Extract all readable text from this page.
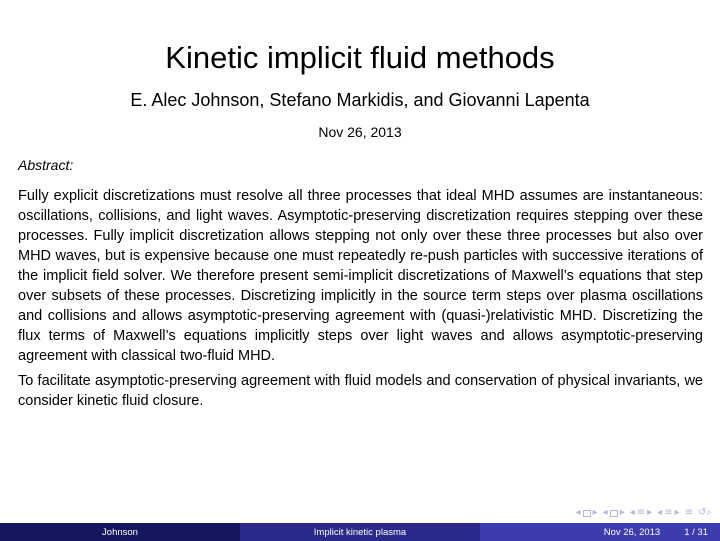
Kinetic implicit fluid methods
E. Alec Johnson, Stefano Markidis, and Giovanni Lapenta
Nov 26, 2013
Abstract:

Fully explicit discretizations must resolve all three processes that ideal MHD assumes are instantaneous: oscillations, collisions, and light waves. Asymptotic-preserving discretization requires stepping over these processes. Fully implicit discretization allows stepping not only over these three processes but also over MHD waves, but is expensive because one must repeatedly re-push particles with successive iterations of the implicit field solver. We therefore present semi-implicit discretizations of Maxwell’s equations that step over subsets of these processes. Discretizing implicitly in the source term steps over plasma oscillations and collisions and allows asymptotic-preserving agreement with (quasi-)relativistic MHD. Discretizing the flux terms of Maxwell’s equations implicitly steps over light waves and allows asymptotic-preserving agreement with classical two-fluid MHD.

To facilitate asymptotic-preserving agreement with fluid models and conservation of physical invariants, we consider kinetic fluid closure.

◂ ▸ ◂ ▸ ◂ ≡ ▸ ◂ ≡ ▸ ≡ ↺⌕
Johnson	Implicit kinetic plasma	Nov 26, 2013	1 / 31
